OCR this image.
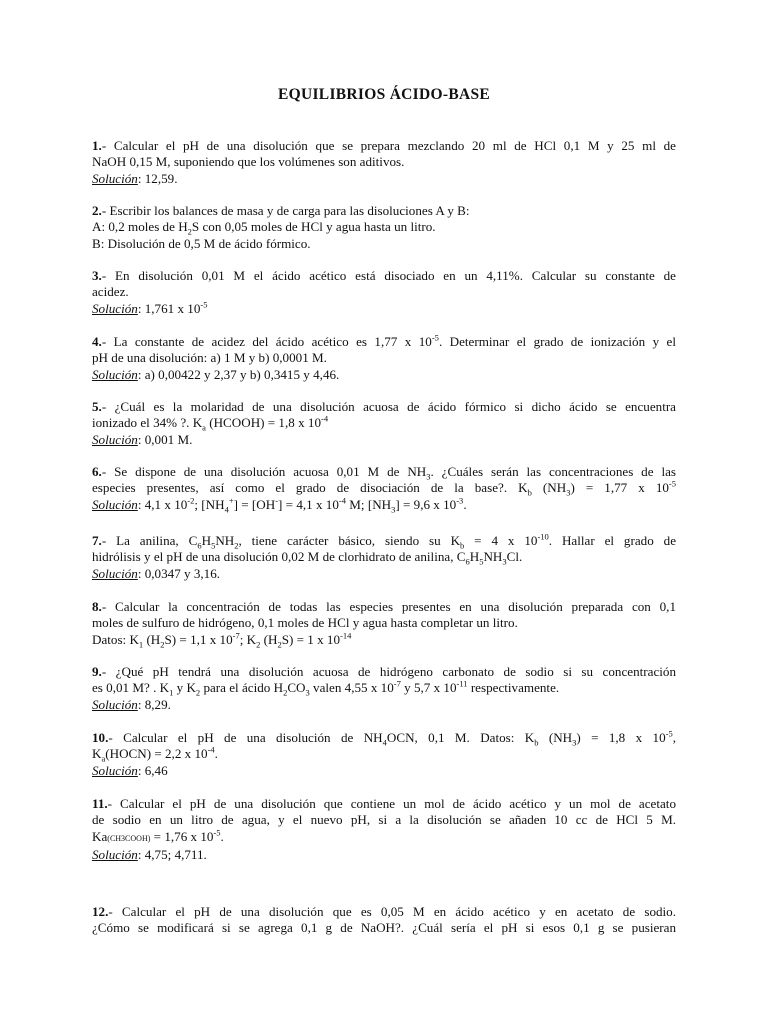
EQUILIBRIOS ÁCIDO-BASE

1.- Calcular el pH de una disolución que se prepara mezclando 20 ml de HCl 0,1 M y 25 ml de

NaOH 0,15 M, suponiendo que los volúmenes son aditivos.

Solución: 12,59.

2.- Escribir los balances de masa y de carga para las disoluciones A y B:

A: 0,2 moles de $H_2S$ con 0,05 moles de HCl y agua hasta un litro.

B: Disolución de 0,5 M de ácido fórmico.

3.- En disolución 0,01 M el ácido acético está disociado en un 4,11%. Calcular su constante de

acidez.

Solución: 1,761 x $10^{-5}$

4.- La constante de acidez del ácido acético es 1,77 x $10^{-5}$. Determinar el grado de ionización y el

pH de una disolución: a) 1 M y b) 0,0001 M.

Solución: a) 0,00422 y 2,37 y b) 0,3415 y 4,46.

5.- ¿Cuál es la molaridad de una disolución acuosa de ácido fórmico si dicho ácido se encuentra

ionizado el 34% ?. $K_a$ (HCOOH) = 1,8 x $10^{-4}$

Solución: 0,001 M.

6.- Se dispone de una disolución acuosa 0,01 M de $NH_3$. ¿Cuáles serán las concentraciones de las

especies presentes, así como el grado de disociación de la base?. $K_b$ $(NH_3) = 1,77$ x $10^{-5}$

Solución: 4,1 x $10^{-2}$; $[NH_4^+] = [OH^-] = 4,1$ x $10^{-4}$ M; $[NH_3] = 9,6$ x $10^{-3}$.

7.- La anilina, $C_6H_5NH_2$, tiene carácter básico, siendo su $K_b = 4$ x $10^{-10}$. Hallar el grado de

hidrólisis y el pH de una disolución 0,02 M de clorhidrato de anilina, $C_6H_5NH_3Cl$.

Solución: 0,0347 y 3,16.

8.- Calcular la concentración de todas las especies presentes en una disolución preparada con 0,1

moles de sulfuro de hidrógeno, 0,1 moles de HCl y agua hasta completar un litro.

Datos: $K_1$ $(H_2S) = 1,1$ x $10^{-7}$; $K_2$ $(H_2S) = 1$ x $10^{-14}$

9.- ¿Qué pH tendrá una disolución acuosa de hidrógeno carbonato de sodio si su concentración

es 0,01 M? . $K_1$ y $K_2$ para el ácido $H_2CO_3$ valen 4,55 x $10^{-7}$ y 5,7 x $10^{-11}$ respectivamente.

Solución: 8,29.

10.- Calcular el pH de una disolución de $NH_4OCN$, 0,1 M. Datos: $K_b$ $(NH_3) = 1,8$ x $10^{-5}$,

$K_a(HOCN) = 2,2$ x $10^{-4}$.

Solución: 6,46

11.- Calcular el pH de una disolución que contiene un mol de ácido acético y un mol de acetato

de sodio en un litro de agua, y el nuevo pH, si a la disolución se añaden 10 cc de HCl 5 M.

Ka(CH3COOH) = 1,76 x $10^{-5}$.

Solución: 4,75; 4,711.

12.- Calcular el pH de una disolución que es 0,05 M en ácido acético y en acetato de sodio.

¿Cómo se modificará si se agrega 0,1 g de NaOH?. ¿Cuál sería el pH si esos 0,1 g se pusieran
